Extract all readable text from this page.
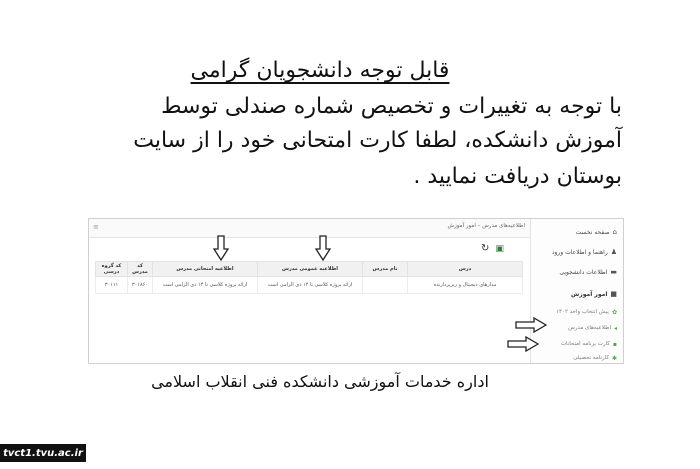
قابل توجه دانشجویان گرامی
با توجه به تغییرات و تخصیص شماره صندلی توسط
آموزش دانشکده، لطفا کارت امتحانی خود را از سایت
بوستان دریافت نمایید .
≡	اطلاعیه‌های مدرس – امور آموزش
⌂
صفحه نخست
♟
راهنما و اطلاعات ورود
▬
اطلاعات دانشجویی
■
امور آموزش
✿
پیش انتخاب واحد ۱۴۰۲
◂
اطلاعیه‌های مدرس
▪
کارت برنامه امتحانات
✱
کارنامه تحصیلی
↻ ▣
درس	نام مدرس	اطلاعیه عمومی مدرس	اطلاعیه امتحانی مدرس	کد مدرس	کد گروه درسی
مدارهای دیجیتال و ریزپردازنده		ارائه پروژه کلاسی تا ۱۴ دی الزامی است	ارائه پروژه کلاسی تا ۱۴ دی الزامی است	۳۰۱۸۶۰	۳۰۱۱۱
اداره خدمات آموزشی دانشکده فنی انقلاب اسلامی
tvct1.tvu.ac.ir
